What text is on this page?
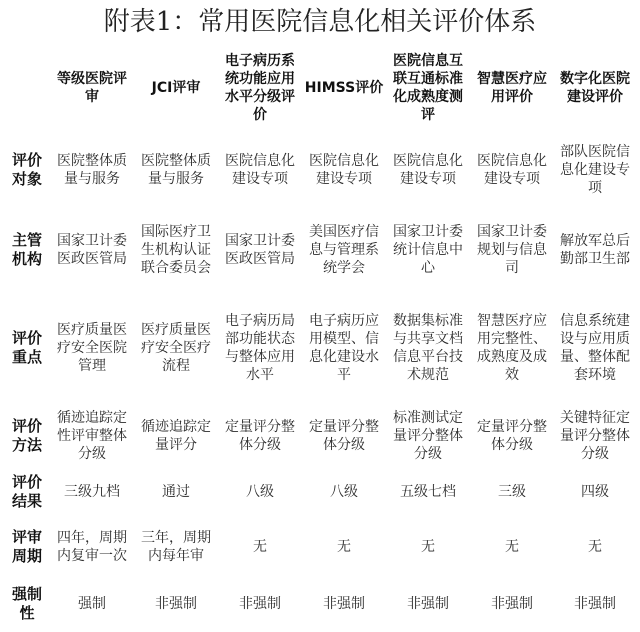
附表1：常用医院信息化相关评价体系
	等级医院评审	JCI评审	电子病历系统功能应用水平分级评价	HIMSS评价	医院信息互联互通标准化成熟度测评	智慧医疗应用评价	数字化医院建设评价
评价对象	医院整体质量与服务	医院整体质量与服务	医院信息化建设专项	医院信息化建设专项	医院信息化建设专项	医院信息化建设专项	部队医院信息化建设专项
主管机构	国家卫计委医政医管局	国际医疗卫生机构认证联合委员会	国家卫计委医政医管局	美国医疗信息与管理系统学会	国家卫计委统计信息中心	国家卫计委规划与信息司	解放军总后勤部卫生部
评价重点	医疗质量医疗安全医院管理	医疗质量医疗安全医疗流程	电子病历局部功能状态与整体应用水平	电子病历应用模型、信息化建设水平	数据集标准与共享文档信息平台技术规范	智慧医疗应用完整性、成熟度及成效	信息系统建设与应用质量、整体配套环境
评价方法	循迹追踪定性评审整体分级	循迹追踪定量评分	定量评分整体分级	定量评分整体分级	标准测试定量评分整体分级	定量评分整体分级	关键特征定量评分整体分级
评价结果	三级九档	通过	八级	八级	五级七档	三级	四级
评审周期	四年，周期内复审一次	三年，周期内每年审	无	无	无	无	无
强制性	强制	非强制	非强制	非强制	非强制	非强制	非强制
